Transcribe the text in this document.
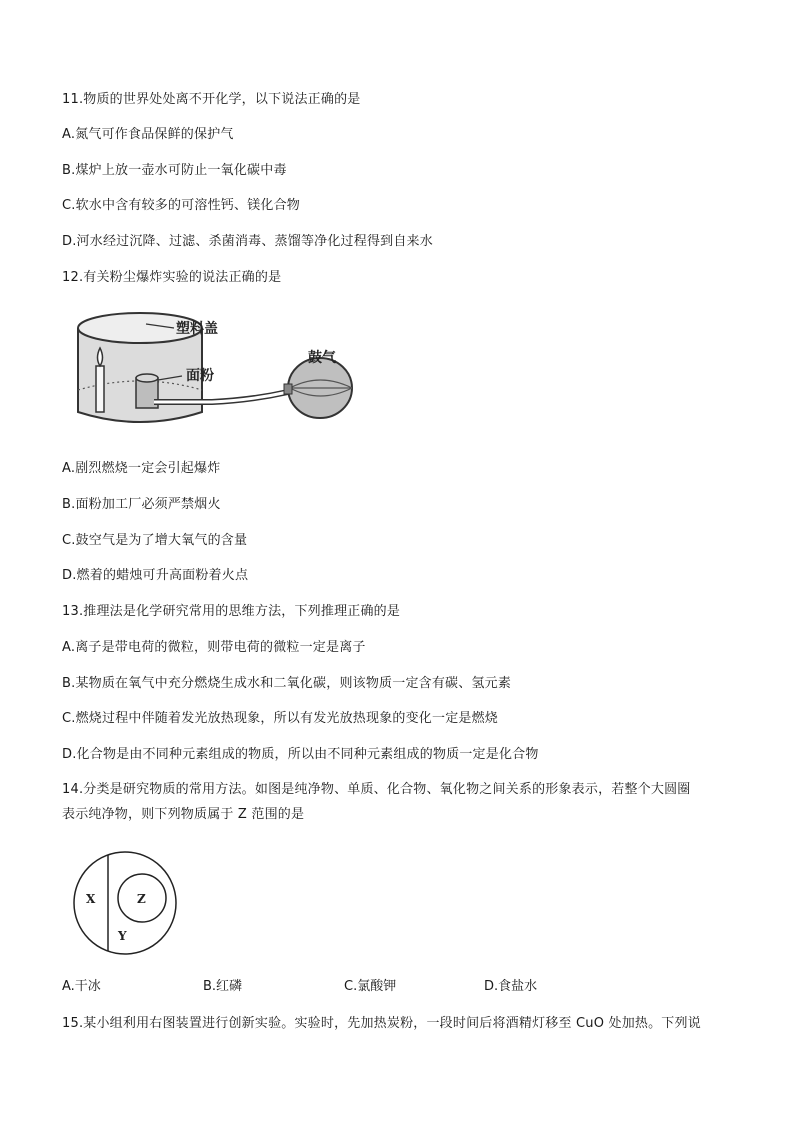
11.物质的世界处处离不开化学，以下说法正确的是
A.氮气可作食品保鲜的保护气
B.煤炉上放一壶水可防止一氧化碳中毒
C.软水中含有较多的可溶性钙、镁化合物
D.河水经过沉降、过滤、杀菌消毒、蒸馏等净化过程得到自来水
12.有关粉尘爆炸实验的说法正确的是
塑料盖
面粉
鼓气
A.剧烈燃烧一定会引起爆炸
B.面粉加工厂必须严禁烟火
C.鼓空气是为了增大氧气的含量
D.燃着的蜡烛可升高面粉着火点
13.推理法是化学研究常用的思维方法，下列推理正确的是
A.离子是带电荷的微粒，则带电荷的微粒一定是离子
B.某物质在氧气中充分燃烧生成水和二氧化碳，则该物质一定含有碳、氢元素
C.燃烧过程中伴随着发光放热现象，所以有发光放热现象的变化一定是燃烧
D.化合物是由不同种元素组成的物质，所以由不同种元素组成的物质一定是化合物
14.分类是研究物质的常用方法。如图是纯净物、单质、化合物、氧化物之间关系的形象表示，若整个大圆圈
表示纯净物，则下列物质属于 Z 范围的是
X	Z
Y
A.干冰	B.红磷	C.氯酸钾	D.食盐水
15.某小组利用右图装置进行创新实验。实验时，先加热炭粉，一段时间后将酒精灯移至 CuO 处加热。下列说
